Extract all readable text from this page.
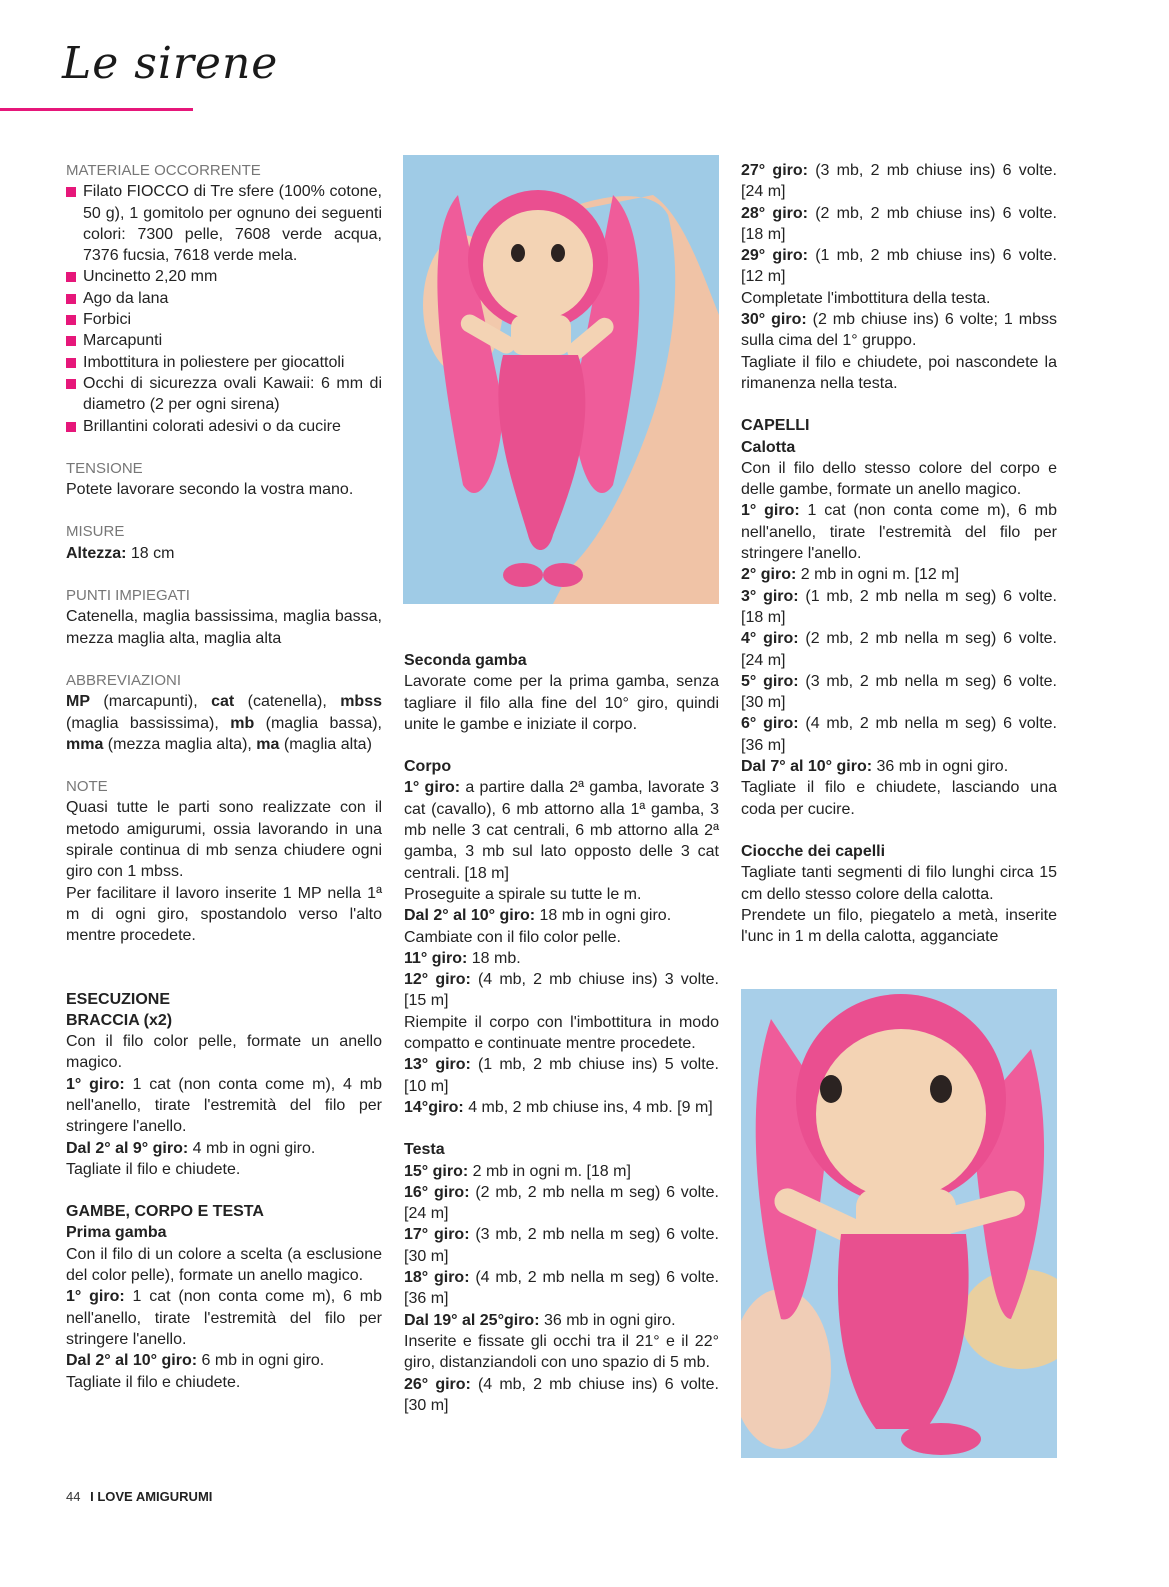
Le sirene

MATERIALE OCCORRENTE

Filato FIOCCO di Tre sfere (100% cotone, 50 g), 1 gomitolo per ognuno dei seguenti colori: 7300 pelle, 7608 verde acqua, 7376 fucsia, 7618 verde mela.
Uncinetto 2,20 mm
Ago da lana
Forbici
Marcapunti
Imbottitura in poliestere per giocattoli
Occhi di sicurezza ovali Kawaii: 6 mm di diametro (2 per ogni sirena)
Brillantini colorati adesivi o da cucire

TENSIONE

Potete lavorare secondo la vostra mano.

MISURE

Altezza: 18 cm

PUNTI IMPIEGATI

Catenella, maglia bassissima, maglia bassa, mezza maglia alta, maglia alta

ABBREVIAZIONI

MP (marcapunti), cat (catenella), mbss (maglia bassissima), mb (maglia bassa), mma (mezza maglia alta), ma (maglia alta)

NOTE

Quasi tutte le parti sono realizzate con il metodo amigurumi, ossia lavorando in una spirale continua di mb senza chiudere ogni giro con 1 mbss.

Per facilitare il lavoro inserite 1 MP nella 1ª m di ogni giro, spostandolo verso l'alto mentre procedete.

ESECUZIONE

BRACCIA (x2)

Con il filo color pelle, formate un anello magico.

1° giro: 1 cat (non conta come m), 4 mb nell'anello, tirate l'estremità del filo per stringere l'anello.

Dal 2° al 9° giro: 4 mb in ogni giro.

Tagliate il filo e chiudete.

GAMBE, CORPO E TESTA

Prima gamba

Con il filo di un colore a scelta (a esclusione del color pelle), formate un anello magico.

1° giro: 1 cat (non conta come m), 6 mb nell'anello, tirate l'estremità del filo per stringere l'anello.

Dal 2° al 10° giro: 6 mb in ogni giro.

Tagliate il filo e chiudete.

Seconda gamba

Lavorate come per la prima gamba, senza tagliare il filo alla fine del 10° giro, quindi unite le gambe e iniziate il corpo.

Corpo

1° giro: a partire dalla 2ª gamba, lavorate 3 cat (cavallo), 6 mb attorno alla 1ª gamba, 3 mb nelle 3 cat centrali, 6 mb attorno alla 2ª gamba, 3 mb sul lato opposto delle 3 cat centrali. [18 m]

Proseguite a spirale su tutte le m.

Dal 2° al 10° giro: 18 mb in ogni giro.

Cambiate con il filo color pelle.

11° giro: 18 mb.

12° giro: (4 mb, 2 mb chiuse ins) 3 volte. [15 m]

Riempite il corpo con l'imbottitura in modo compatto e continuate mentre procedete.

13° giro: (1 mb, 2 mb chiuse ins) 5 volte. [10 m]

14°giro: 4 mb, 2 mb chiuse ins, 4 mb. [9 m]

Testa

15° giro: 2 mb in ogni m. [18 m]

16° giro: (2 mb, 2 mb nella m seg) 6 volte. [24 m]

17° giro: (3 mb, 2 mb nella m seg) 6 volte. [30 m]

18° giro: (4 mb, 2 mb nella m seg) 6 volte. [36 m]

Dal 19° al 25°giro: 36 mb in ogni giro.

Inserite e fissate gli occhi tra il 21° e il 22° giro, distanziandoli con uno spazio di 5 mb.

26° giro: (4 mb, 2 mb chiuse ins) 6 volte. [30 m]

27° giro: (3 mb, 2 mb chiuse ins) 6 volte. [24 m]

28° giro: (2 mb, 2 mb chiuse ins) 6 volte. [18 m]

29° giro: (1 mb, 2 mb chiuse ins) 6 volte. [12 m]

Completate l'imbottitura della testa.

30° giro: (2 mb chiuse ins) 6 volte; 1 mbss sulla cima del 1° gruppo.

Tagliate il filo e chiudete, poi nascondete la rimanenza nella testa.

CAPELLI

Calotta

Con il filo dello stesso colore del corpo e delle gambe, formate un anello magico.

1° giro: 1 cat (non conta come m), 6 mb nell'anello, tirate l'estremità del filo per stringere l'anello.

2° giro: 2 mb in ogni m. [12 m]

3° giro: (1 mb, 2 mb nella m seg) 6 volte. [18 m]

4° giro: (2 mb, 2 mb nella m seg) 6 volte. [24 m]

5° giro: (3 mb, 2 mb nella m seg) 6 volte. [30 m]

6° giro: (4 mb, 2 mb nella m seg) 6 volte. [36 m]

Dal 7° al 10° giro: 36 mb in ogni giro.

Tagliate il filo e chiudete, lasciando una coda per cucire.

Ciocche dei capelli

Tagliate tanti segmenti di filo lunghi circa 15 cm dello stesso colore della calotta.

Prendete un filo, piegatelo a metà, inserite l'unc in 1 m della calotta, agganciate

44 I LOVE AMIGURUMI
